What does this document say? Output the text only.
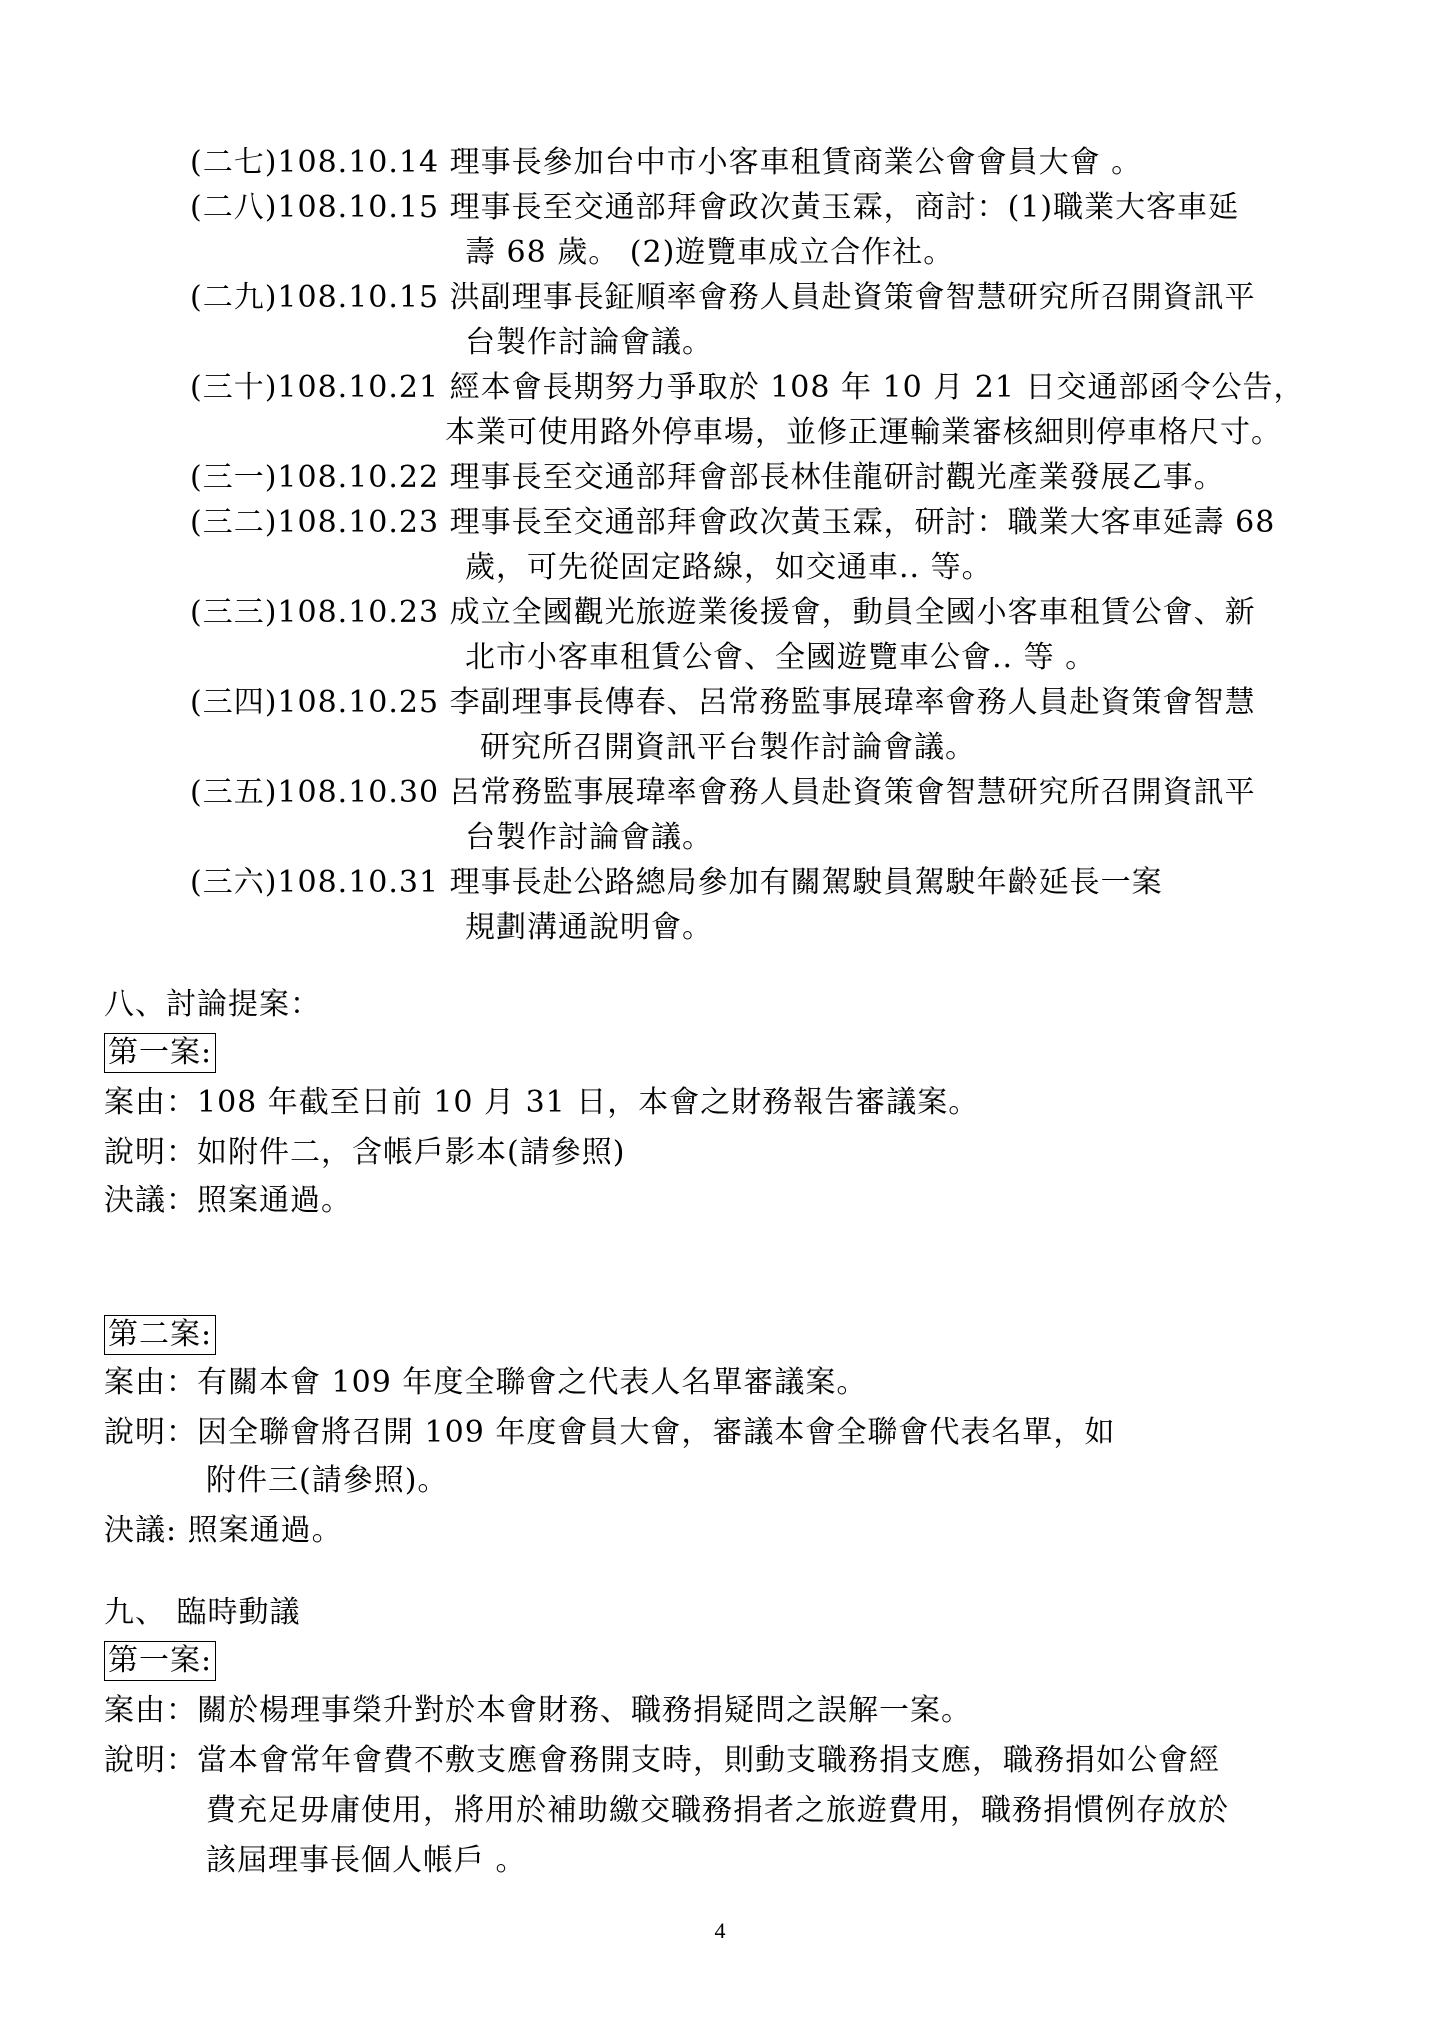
(二七)108.10.14 理事長參加台中市小客車租賃商業公會會員大會 。
(二八)108.10.15 理事長至交通部拜會政次黃玉霖，商討：(1)職業大客車延
壽 68 歲。 (2)遊覽車成立合作社。
(二九)108.10.15 洪副理事長鉦順率會務人員赴資策會智慧研究所召開資訊平
台製作討論會議。
(三十)108.10.21 經本會長期努力爭取於 108 年 10 月 21 日交通部函令公告，
本業可使用路外停車場，並修正運輸業審核細則停車格尺寸。
(三一)108.10.22 理事長至交通部拜會部長林佳龍研討觀光產業發展乙事。
(三二)108.10.23 理事長至交通部拜會政次黃玉霖，研討：職業大客車延壽 68
歲，可先從固定路線，如交通車.. 等。
(三三)108.10.23 成立全國觀光旅遊業後援會，動員全國小客車租賃公會、新
北市小客車租賃公會、全國遊覽車公會.. 等 。
(三四)108.10.25 李副理事長傳春、呂常務監事展瑋率會務人員赴資策會智慧
研究所召開資訊平台製作討論會議。
(三五)108.10.30 呂常務監事展瑋率會務人員赴資策會智慧研究所召開資訊平
台製作討論會議。
(三六)108.10.31 理事長赴公路總局參加有關駕駛員駕駛年齡延長一案
規劃溝通說明會。
八、討論提案：
第一案:
案由：108 年截至日前 10 月 31 日，本會之財務報告審議案。
說明：如附件二，含帳戶影本(請參照)
決議：照案通過。
第二案:
案由：有關本會 109 年度全聯會之代表人名單審議案。
說明：因全聯會將召開 109 年度會員大會，審議本會全聯會代表名單，如
附件三(請參照)。
決議: 照案通過。
九、 臨時動議
第一案:
案由：關於楊理事榮升對於本會財務、職務捐疑問之誤解一案。
說明：當本會常年會費不敷支應會務開支時，則動支職務捐支應，職務捐如公會經
費充足毋庸使用，將用於補助繳交職務捐者之旅遊費用，職務捐慣例存放於
該屆理事長個人帳戶 。
4
